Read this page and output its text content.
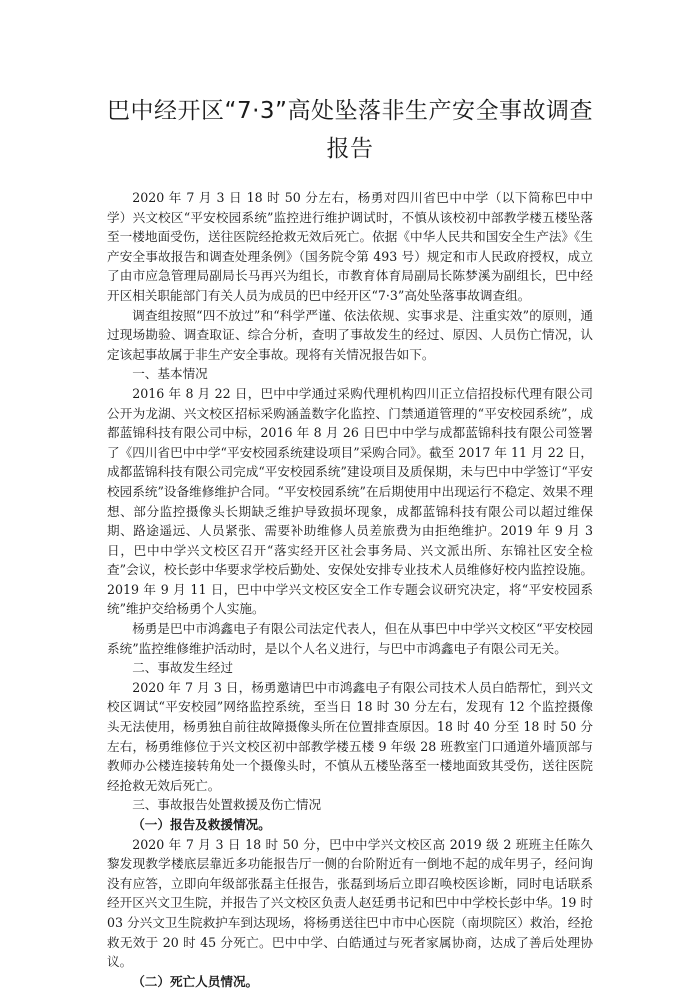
巴中经开区“7·3”高处坠落非生产安全事故调查报告

2020 年 7 月 3 日 18 时 50 分左右，杨勇对四川省巴中中学（以下简称巴中中学）兴文校区“平安校园系统”监控进行维护调试时，不慎从该校初中部教学楼五楼坠落至一楼地面受伤，送往医院经抢救无效后死亡。依据《中华人民共和国安全生产法》《生产安全事故报告和调查处理条例》（国务院令第 493 号）规定和市人民政府授权，成立了由市应急管理局副局长马再兴为组长，市教育体育局副局长陈梦溪为副组长，巴中经开区相关职能部门有关人员为成员的巴中经开区“7·3”高处坠落事故调查组。

调查组按照“四不放过”和“科学严谨、依法依规、实事求是、注重实效”的原则，通过现场勘验、调查取证、综合分析，查明了事故发生的经过、原因、人员伤亡情况，认定该起事故属于非生产安全事故。现将有关情况报告如下。

一、基本情况

2016 年 8 月 22 日，巴中中学通过采购代理机构四川正立信招投标代理有限公司公开为龙湖、兴文校区招标采购涵盖数字化监控、门禁通道管理的“平安校园系统”，成都蓝锦科技有限公司中标，2016 年 8 月 26 日巴中中学与成都蓝锦科技有限公司签署了《四川省巴中中学“平安校园系统建设项目”采购合同》。截至 2017 年 11 月 22 日，成都蓝锦科技有限公司完成“平安校园系统”建设项目及质保期，未与巴中中学签订“平安校园系统”设备维修维护合同。“平安校园系统”在后期使用中出现运行不稳定、效果不理想、部分监控摄像头长期缺乏维护导致损坏现象，成都蓝锦科技有限公司以超过维保期、路途遥远、人员紧张、需要补助维修人员差旅费为由拒绝维护。2019 年 9 月 3 日，巴中中学兴文校区召开“落实经开区社会事务局、兴文派出所、东锦社区安全检查”会议，校长彭中华要求学校后勤处、安保处安排专业技术人员维修好校内监控设施。2019 年 9 月 11 日，巴中中学兴文校区安全工作专题会议研究决定，将“平安校园系统”维护交给杨勇个人实施。

杨勇是巴中市鸿鑫电子有限公司法定代表人，但在从事巴中中学兴文校区“平安校园系统”监控维修维护活动时，是以个人名义进行，与巴中市鸿鑫电子有限公司无关。

二、事故发生经过

2020 年 7 月 3 日，杨勇邀请巴中市鸿鑫电子有限公司技术人员白皓帮忙，到兴文校区调试“平安校园”网络监控系统，至当日 18 时 30 分左右，发现有 12 个监控摄像头无法使用，杨勇独自前往故障摄像头所在位置排查原因。18 时 40 分至 18 时 50 分左右，杨勇维修位于兴文校区初中部教学楼五楼 9 年级 28 班教室门口通道外墙顶部与教师办公楼连接转角处一个摄像头时，不慎从五楼坠落至一楼地面致其受伤，送往医院经抢救无效后死亡。

三、事故报告处置救援及伤亡情况

（一）报告及救援情况。

2020 年 7 月 3 日 18 时 50 分，巴中中学兴文校区高 2019 级 2 班班主任陈久黎发现教学楼底层靠近多功能报告厅一侧的台阶附近有一倒地不起的成年男子，经问询没有应答，立即向年级部张磊主任报告，张磊到场后立即召唤校医诊断，同时电话联系经开区兴文卫生院，并报告了兴文校区负责人赵廷勇书记和巴中中学校长彭中华。19 时 03 分兴文卫生院救护车到达现场，将杨勇送往巴中市中心医院（南坝院区）救治，经抢救无效于 20 时 45 分死亡。巴中中学、白皓通过与死者家属协商，达成了善后处理协议。

（二）死亡人员情况。
